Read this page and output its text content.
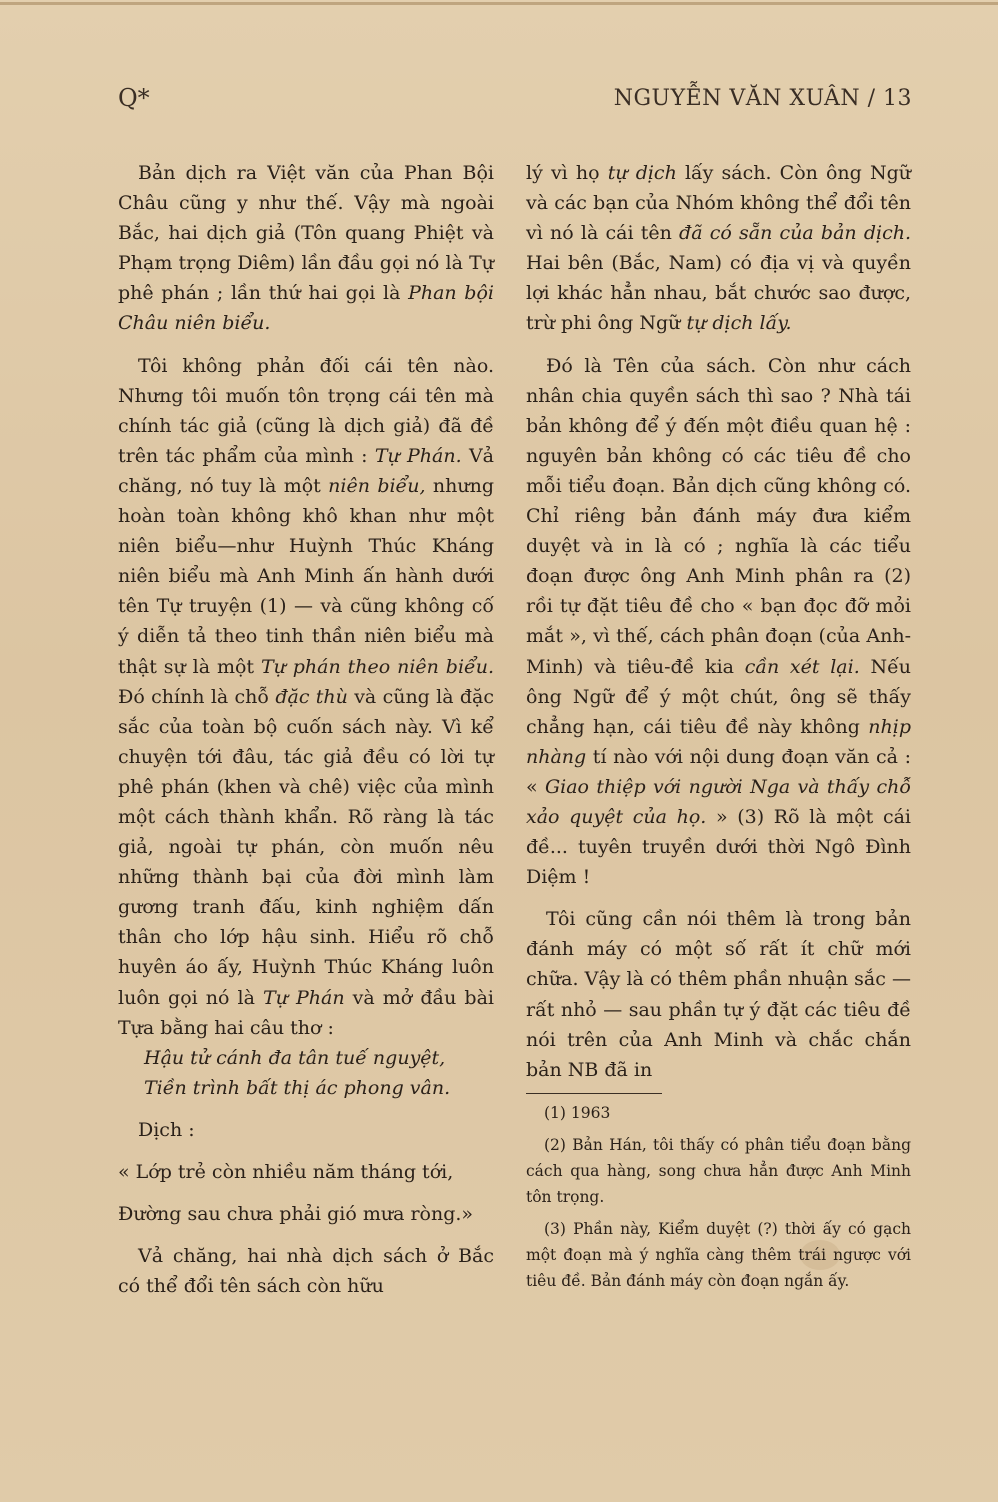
Q*	NGUYỄN VĂN XUÂN / 13

Bản dịch ra Việt văn của Phan Bội Châu cũng y như thế. Vậy mà ngoài Bắc, hai dịch giả (Tôn quang Phiệt và Phạm trọng Diêm) lần đầu gọi nó là Tự phê phán ; lần thứ hai gọi là Phan bội Châu niên biểu.

Tôi không phản đối cái tên nào. Nhưng tôi muốn tôn trọng cái tên mà chính tác giả (cũng là dịch giả) đã đề trên tác phẩm của mình : Tự Phán. Vả chăng, nó tuy là một niên biểu, nhưng hoàn toàn không khô khan như một niên biểu—như Huỳnh Thúc Kháng niên biểu mà Anh Minh ấn hành dưới tên Tự truyện (1) — và cũng không cố ý diễn tả theo tinh thần niên biểu mà thật sự là một Tự phán theo niên biểu. Đó chính là chỗ đặc thù và cũng là đặc sắc của toàn bộ cuốn sách này. Vì kể chuyện tới đâu, tác giả đều có lời tự phê phán (khen và chê) việc của mình một cách thành khẩn. Rõ ràng là tác giả, ngoài tự phán, còn muốn nêu những thành bại của đời mình làm gương tranh đấu, kinh nghiệm dấn thân cho lớp hậu sinh. Hiểu rõ chỗ huyên áo ấy, Huỳnh Thúc Kháng luôn luôn gọi nó là Tự Phán và mở đầu bài Tựa bằng hai câu thơ :

Hậu tử cánh đa tân tuế nguyệt,

Tiền trình bất thị ác phong vân.

Dịch :

« Lớp trẻ còn nhiều năm tháng tới,

Đường sau chưa phải gió mưa ròng.»

Vả chăng, hai nhà dịch sách ở Bắc có thể đổi tên sách còn hữu

lý vì họ tự dịch lấy sách. Còn ông Ngữ và các bạn của Nhóm không thể đổi tên vì nó là cái tên đã có sẵn của bản dịch. Hai bên (Bắc, Nam) có địa vị và quyền lợi khác hẳn nhau, bắt chước sao được, trừ phi ông Ngữ tự dịch lấy.

Đó là Tên của sách. Còn như cách nhân chia quyền sách thì sao ? Nhà tái bản không để ý đến một điều quan hệ : nguyên bản không có các tiêu đề cho mỗi tiểu đoạn. Bản dịch cũng không có. Chỉ riêng bản đánh máy đưa kiểm duyệt và in là có ; nghĩa là các tiểu đoạn được ông Anh Minh phân ra (2) rồi tự đặt tiêu đề cho « bạn đọc đỡ mỏi mắt », vì thế, cách phân đoạn (của Anh-Minh) và tiêu-đề kia cần xét lại. Nếu ông Ngữ để ý một chút, ông sẽ thấy chẳng hạn, cái tiêu đề này không nhịp nhàng tí nào với nội dung đoạn văn cả : « Giao thiệp với người Nga và thấy chỗ xảo quyệt của họ. » (3) Rõ là một cái đề... tuyên truyền dưới thời Ngô Đình Diệm !

Tôi cũng cần nói thêm là trong bản đánh máy có một số rất ít chữ mới chữa. Vậy là có thêm phần nhuận sắc — rất nhỏ — sau phần tự ý đặt các tiêu đề nói trên của Anh Minh và chắc chắn bản NB đã in

(1) 1963

(2) Bản Hán, tôi thấy có phân tiểu đoạn bằng cách qua hàng, song chưa hẳn được Anh Minh tôn trọng.

(3) Phần này, Kiểm duyệt (?) thời ấy có gạch một đoạn mà ý nghĩa càng thêm trái ngược với tiêu đề. Bản đánh máy còn đoạn ngắn ấy.
